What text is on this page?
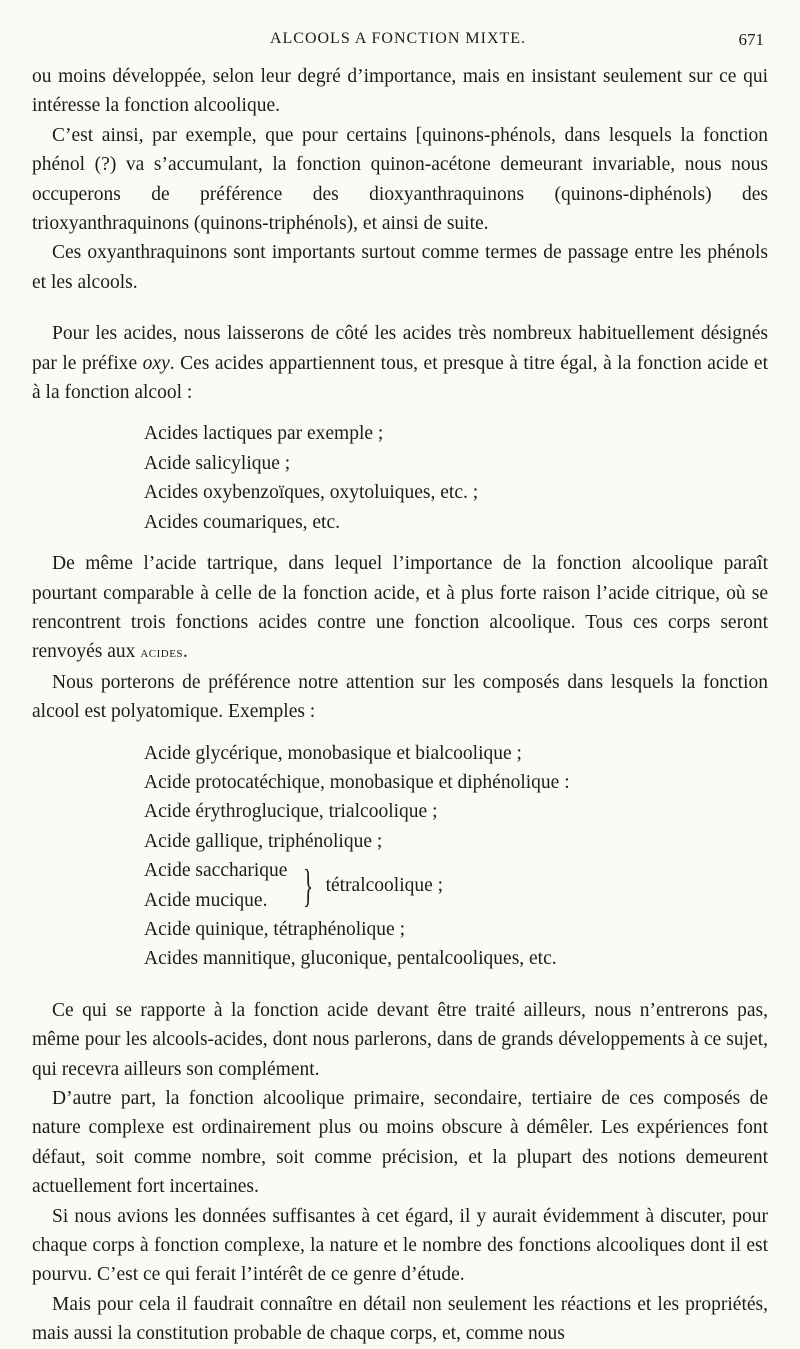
ALCOOLS A FONCTION MIXTE.	671

ou moins développée, selon leur degré d’importance, mais en insistant seulement sur ce qui intéresse la fonction alcoolique.

C’est ainsi, par exemple, que pour certains [quinons-phénols, dans lesquels la fonction phénol (?) va s’accumulant, la fonction quinon-acétone demeurant invariable, nous nous occuperons de préférence des dioxyanthraquinons (quinons-diphénols) des trioxyanthraquinons (quinons-triphénols), et ainsi de suite.

Ces oxyanthraquinons sont importants surtout comme termes de passage entre les phénols et les alcools.

Pour les acides, nous laisserons de côté les acides très nombreux habituellement désignés par le préfixe oxy. Ces acides appartiennent tous, et presque à titre égal, à la fonction acide et à la fonction alcool :

Acides lactiques par exemple ;
Acide salicylique ;
Acides oxybenzoïques, oxytoluiques, etc. ;
Acides coumariques, etc.

De même l’acide tartrique, dans lequel l’importance de la fonction alcoolique paraît pourtant comparable à celle de la fonction acide, et à plus forte raison l’acide citrique, où se rencontrent trois fonctions acides contre une fonction alcoolique. Tous ces corps seront renvoyés aux acides.

Nous porterons de préférence notre attention sur les composés dans lesquels la fonction alcool est polyatomique. Exemples :

Acide glycérique, monobasique et bialcoolique ;
Acide protocatéchique, monobasique et diphénolique :
Acide érythroglucique, trialcoolique ;
Acide gallique, triphénolique ;
Acide saccharique
Acide mucique. } tétralcoolique ;
Acide quinique, tétraphénolique ;
Acides mannitique, gluconique, pentalcooliques, etc.

Ce qui se rapporte à la fonction acide devant être traité ailleurs, nous n’entrerons pas, même pour les alcools-acides, dont nous parlerons, dans de grands développements à ce sujet, qui recevra ailleurs son complément.

D’autre part, la fonction alcoolique primaire, secondaire, tertiaire de ces composés de nature complexe est ordinairement plus ou moins obscure à démêler. Les expériences font défaut, soit comme nombre, soit comme précision, et la plupart des notions demeurent actuellement fort incertaines.

Si nous avions les données suffisantes à cet égard, il y aurait évidemment à discuter, pour chaque corps à fonction complexe, la nature et le nombre des fonctions alcooliques dont il est pourvu. C’est ce qui ferait l’intérêt de ce genre d’étude.

Mais pour cela il faudrait connaître en détail non seulement les réactions et les propriétés, mais aussi la constitution probable de chaque corps, et, comme nous
